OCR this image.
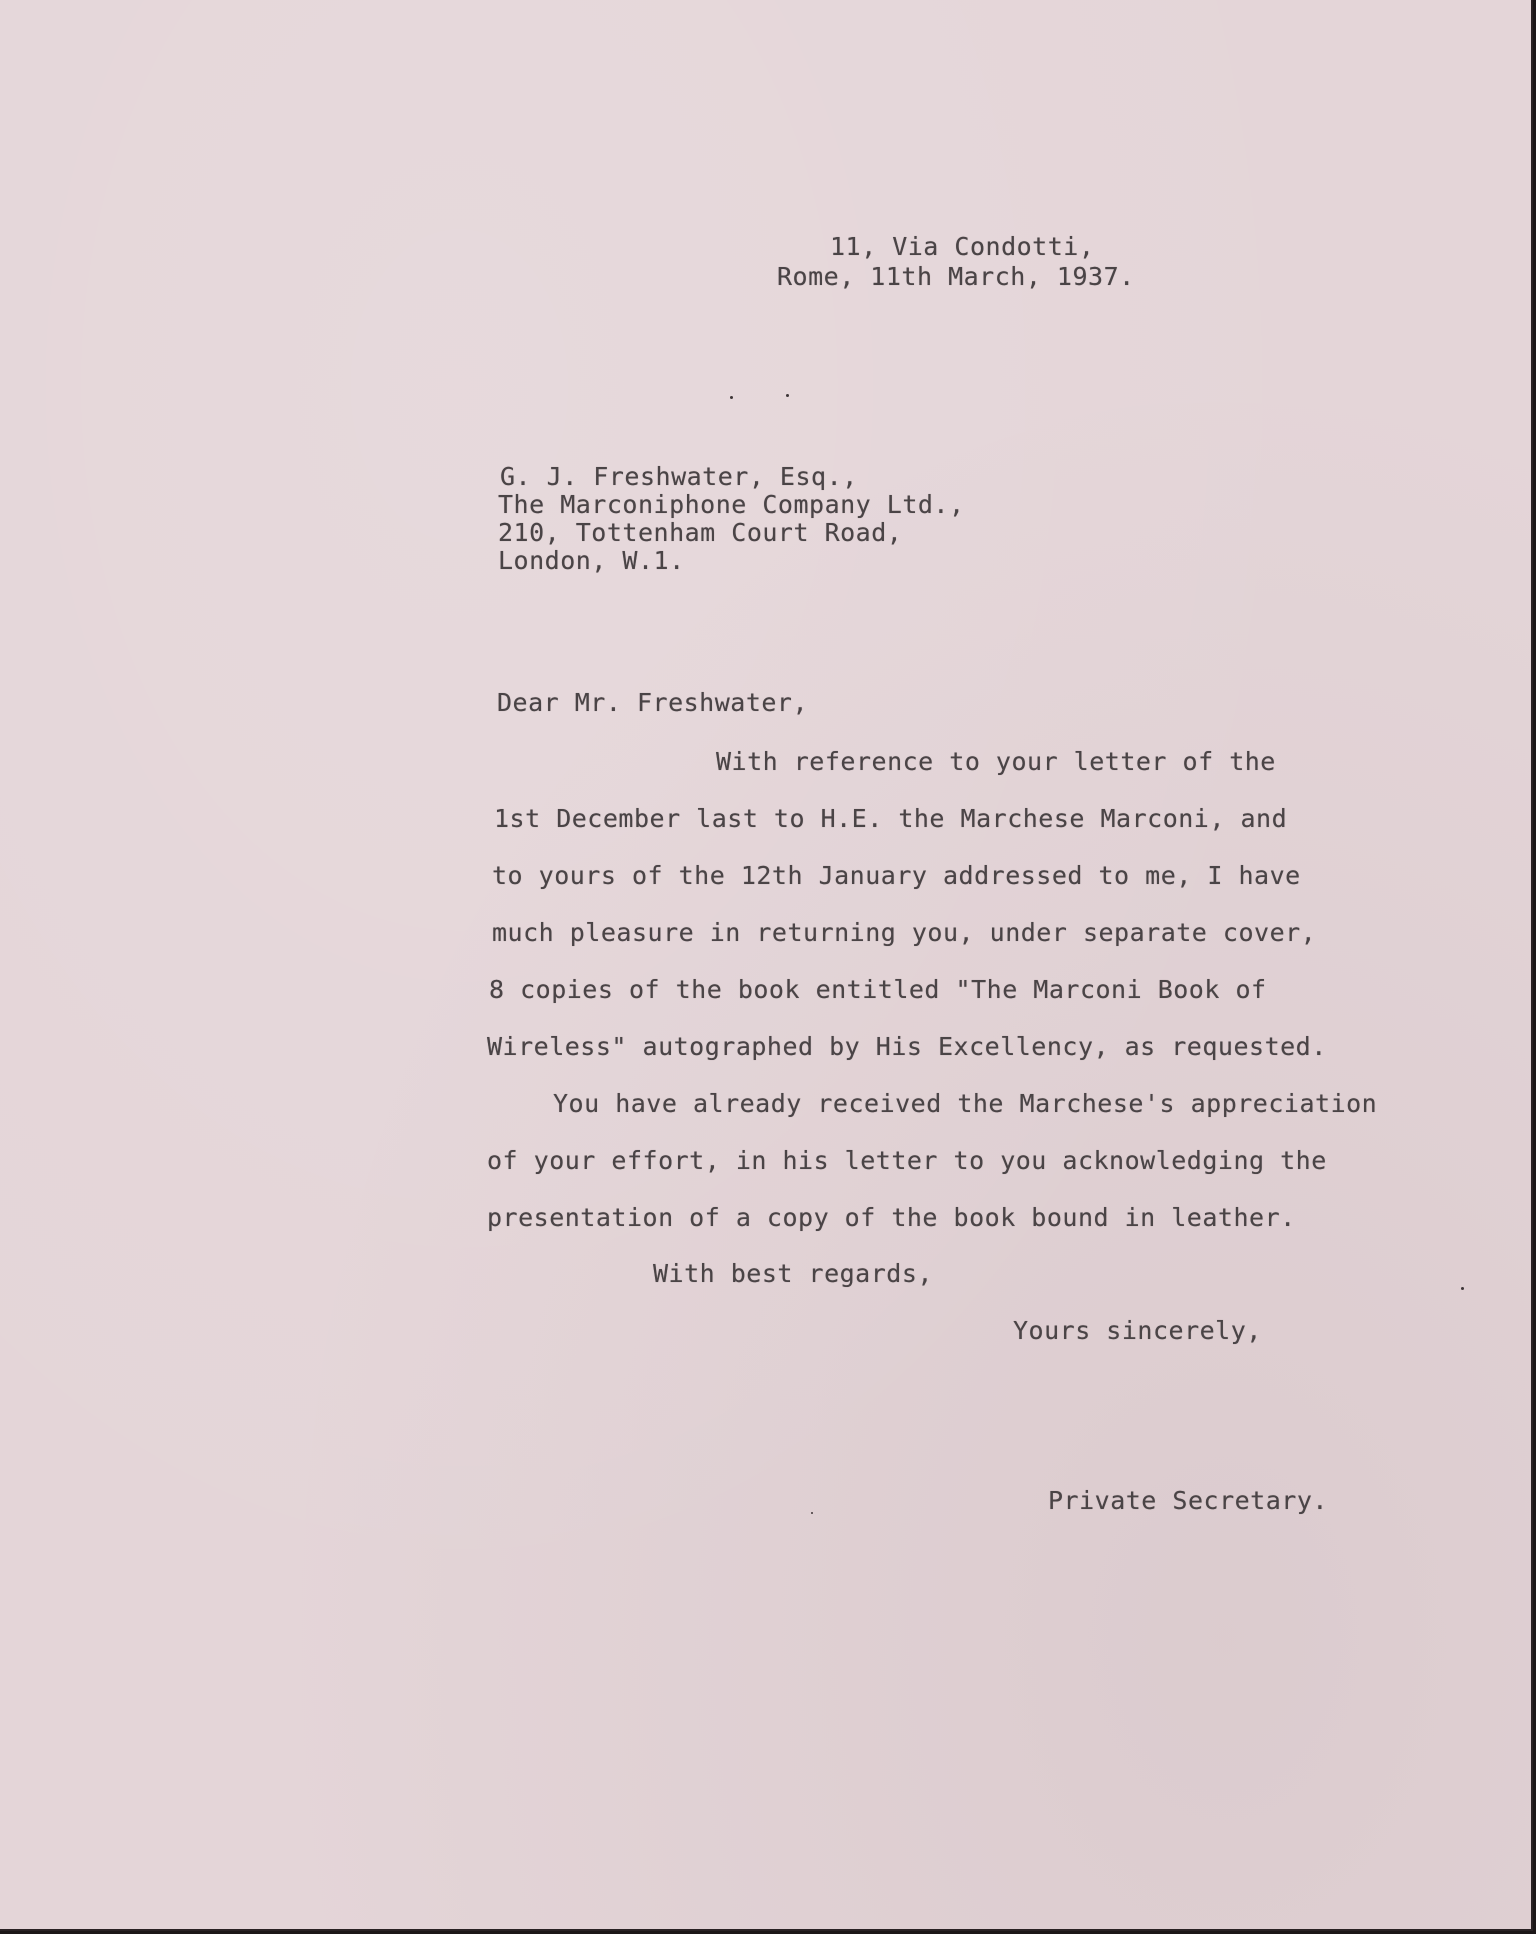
11, Via Condotti,
Rome, 11th March, 1937.
G. J. Freshwater, Esq.,
The Marconiphone Company Ltd.,
210, Tottenham Court Road,
London, W.1.
Dear Mr. Freshwater,
With reference to your letter of the
1st December last to H.E. the Marchese Marconi, and
to yours of the 12th January addressed to me, I have
much pleasure in returning you, under separate cover,
8 copies of the book entitled "The Marconi Book of
Wireless" autographed by His Excellency, as requested.
You have already received the Marchese's appreciation
of your effort, in his letter to you acknowledging the
presentation of a copy of the book bound in leather.
With best regards,
Yours sincerely,
Private Secretary.
